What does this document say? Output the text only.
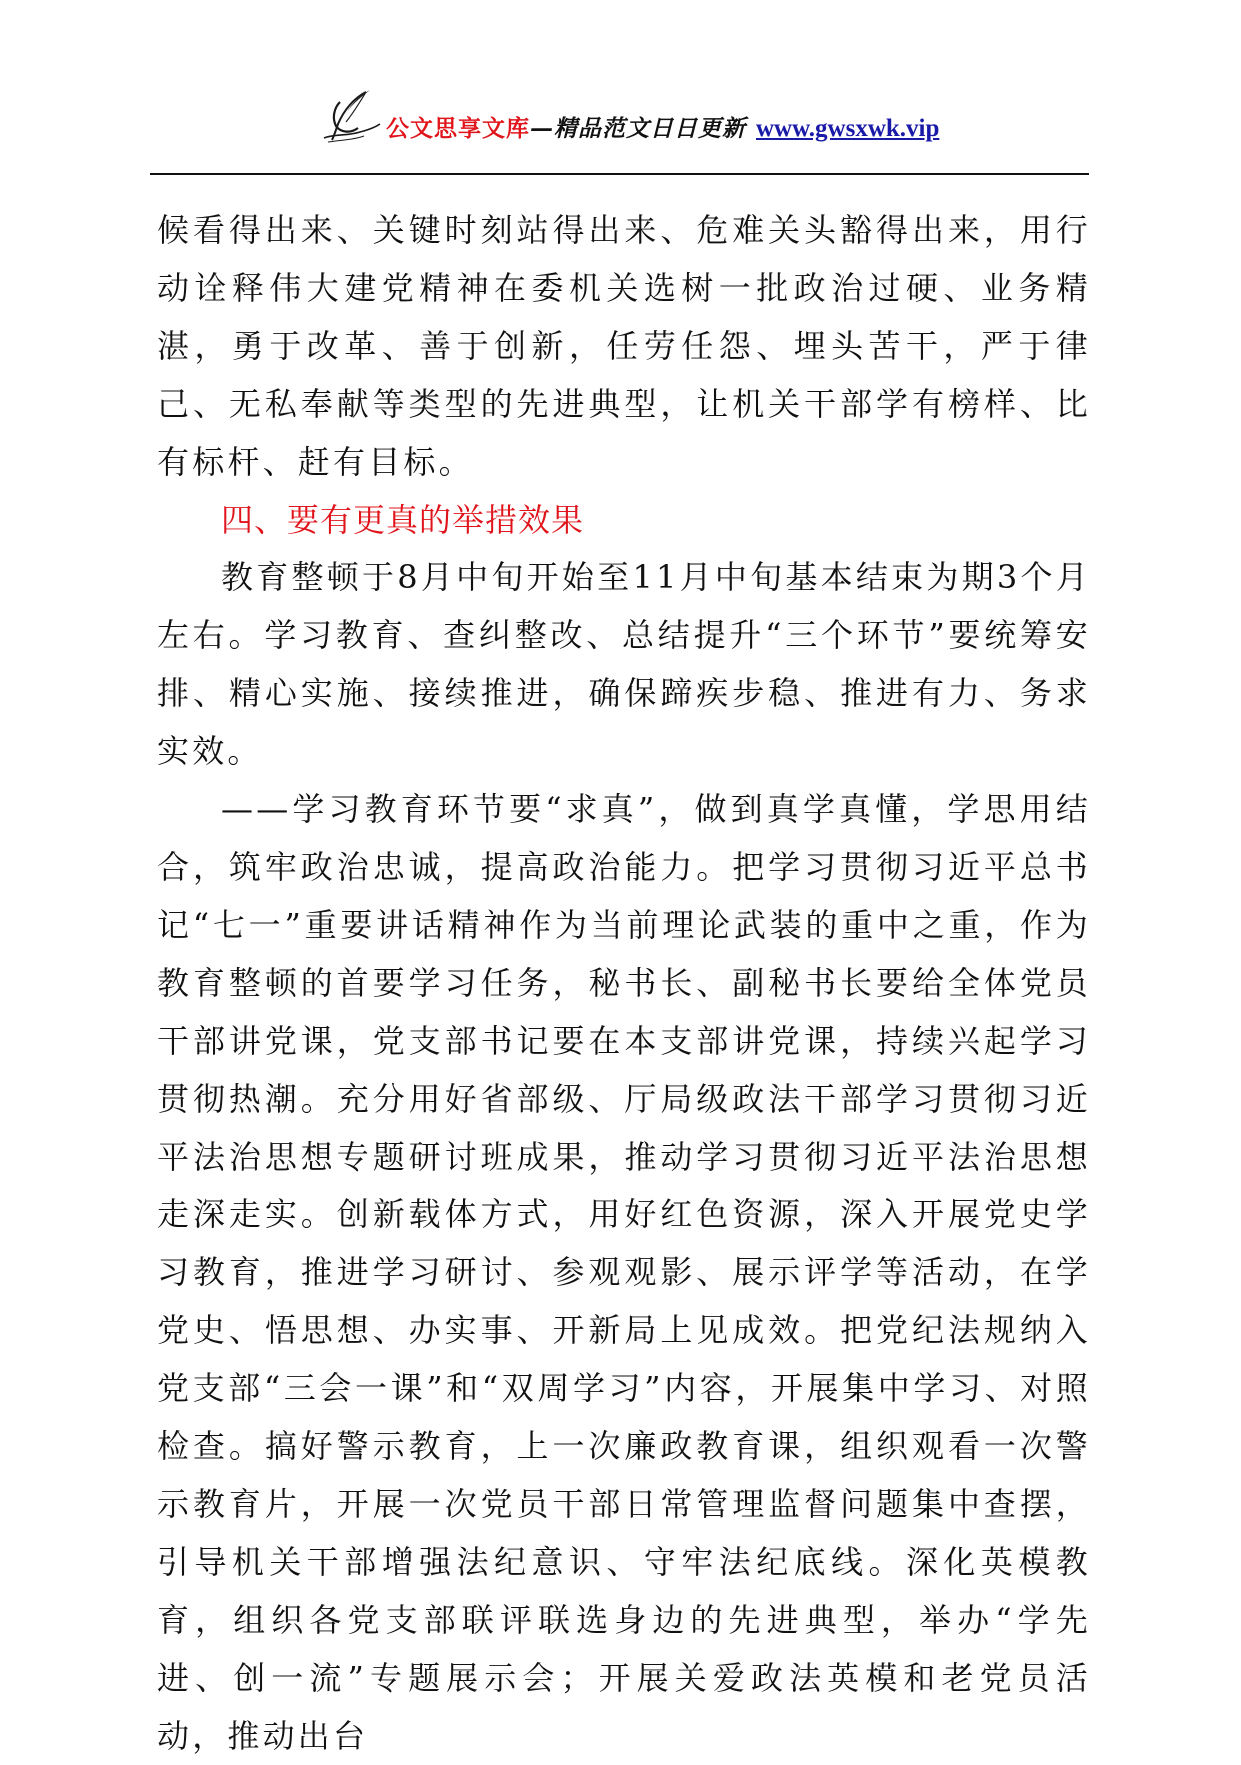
公文思享文库—精品范文日日更新 www.gwsxwk.vip

候看得出来、关键时刻站得出来、危难关头豁得出来，用行动诠释伟大建党精神在委机关选树一批政治过硬、业务精湛，勇于改革、善于创新，任劳任怨、埋头苦干，严于律己、无私奉献等类型的先进典型，让机关干部学有榜样、比有标杆、赶有目标。

四、要有更真的举措效果

教育整顿于8月中旬开始至11月中旬基本结束为期3个月左右。学习教育、查纠整改、总结提升“三个环节”要统筹安排、精心实施、接续推进，确保蹄疾步稳、推进有力、务求实效。

——学习教育环节要“求真”，做到真学真懂，学思用结合，筑牢政治忠诚，提高政治能力。把学习贯彻习近平总书记“七一”重要讲话精神作为当前理论武装的重中之重，作为教育整顿的首要学习任务，秘书长、副秘书长要给全体党员干部讲党课，党支部书记要在本支部讲党课，持续兴起学习贯彻热潮。充分用好省部级、厅局级政法干部学习贯彻习近平法治思想专题研讨班成果，推动学习贯彻习近平法治思想走深走实。创新载体方式，用好红色资源，深入开展党史学习教育，推进学习研讨、参观观影、展示评学等活动，在学党史、悟思想、办实事、开新局上见成效。把党纪法规纳入党支部“三会一课”和“双周学习”内容，开展集中学习、对照检查。搞好警示教育，上一次廉政教育课，组织观看一次警示教育片，开展一次党员干部日常管理监督问题集中查摆，引导机关干部增强法纪意识、守牢法纪底线。深化英模教育，组织各党支部联评联选身边的先进典型，举办“学先进、创一流”专题展示会；开展关爱政法英模和老党员活动，推动出台
